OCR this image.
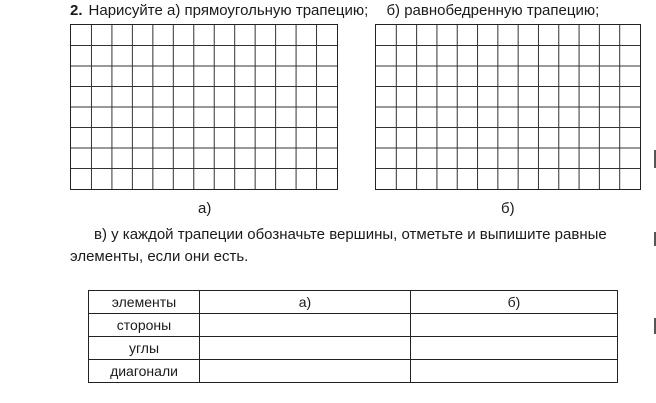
2. Нарисуйте а) прямоугольную трапецию; б) равнобедренную трапецию;
а)	б)
в) у каждой трапеции обозначьте вершины, отметьте и выпишите равные элементы, если они есть.
элементы	а)	б)
стороны		
углы		
диагонали		
